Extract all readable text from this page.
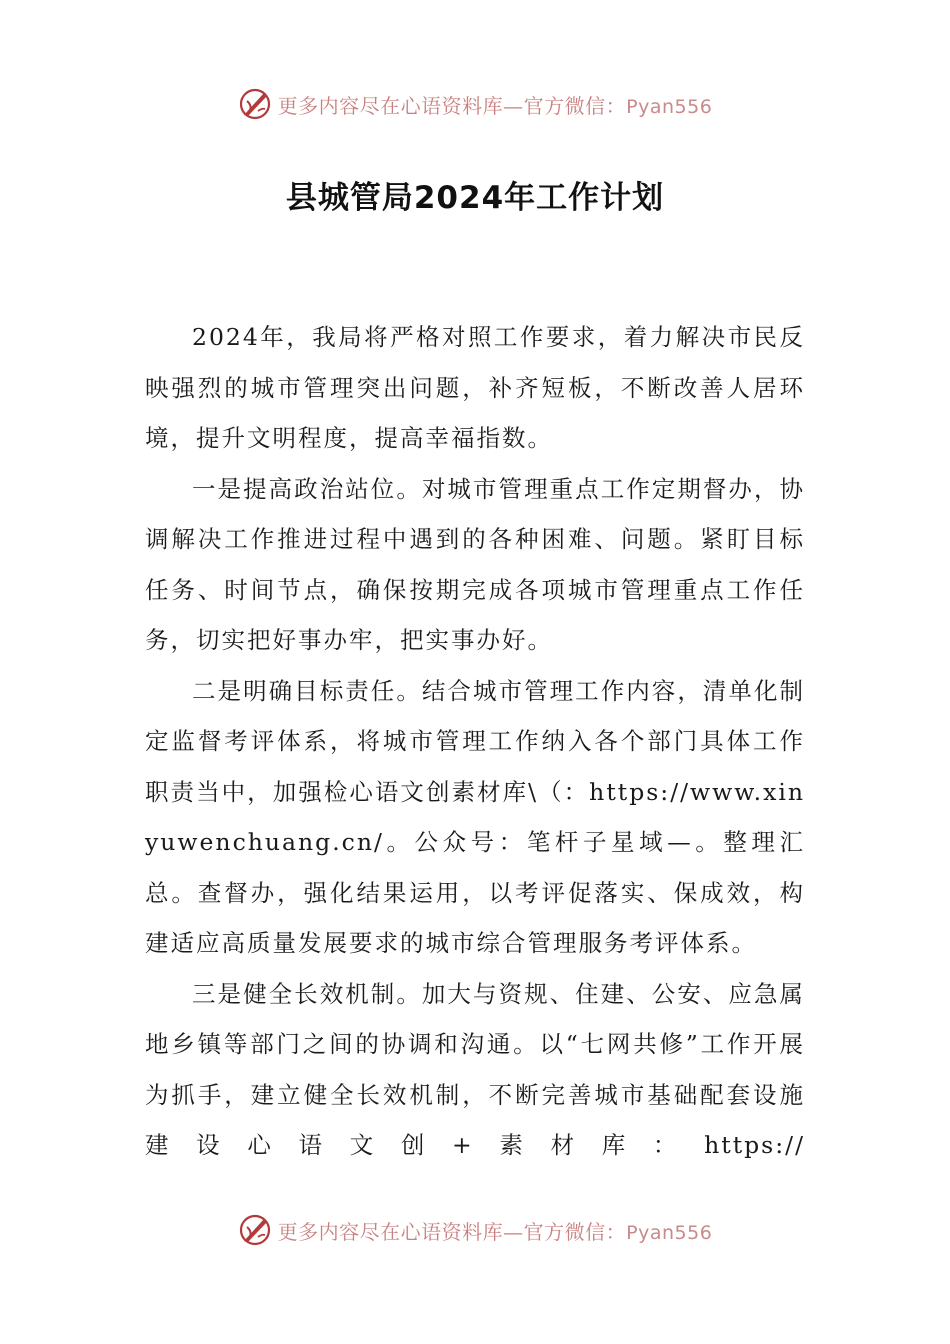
更多内容尽在心语资料库—官方微信：Pyan556
县城管局2024年工作计划

2024年，我局将严格对照工作要求，着力解决市民反映强烈的城市管理突出问题，补齐短板，不断改善人居环境，提升文明程度，提高幸福指数。

一是提高政治站位。对城市管理重点工作定期督办，协调解决工作推进过程中遇到的各种困难、问题。紧盯目标任务、时间节点，确保按期完成各项城市管理重点工作任务，切实把好事办牢，把实事办好。

二是明确目标责任。结合城市管理工作内容，清单化制定监督考评体系，将城市管理工作纳入各个部门具体工作职责当中，加强检心语文创素材库\（：https://www.xinyuwenchuang.cn/。公众号：笔杆子星域—。整理汇总。查督办，强化结果运用，以考评促落实、保成效，构建适应高质量发展要求的城市综合管理服务考评体系。

三是健全长效机制。加大与资规、住建、公安、应急属地乡镇等部门之间的协调和沟通。以“七网共修”工作开展为抓手，建立健全长效机制，不断完善城市基础配套设施建设心语文创+素材库：https://

更多内容尽在心语资料库—官方微信：Pyan556
